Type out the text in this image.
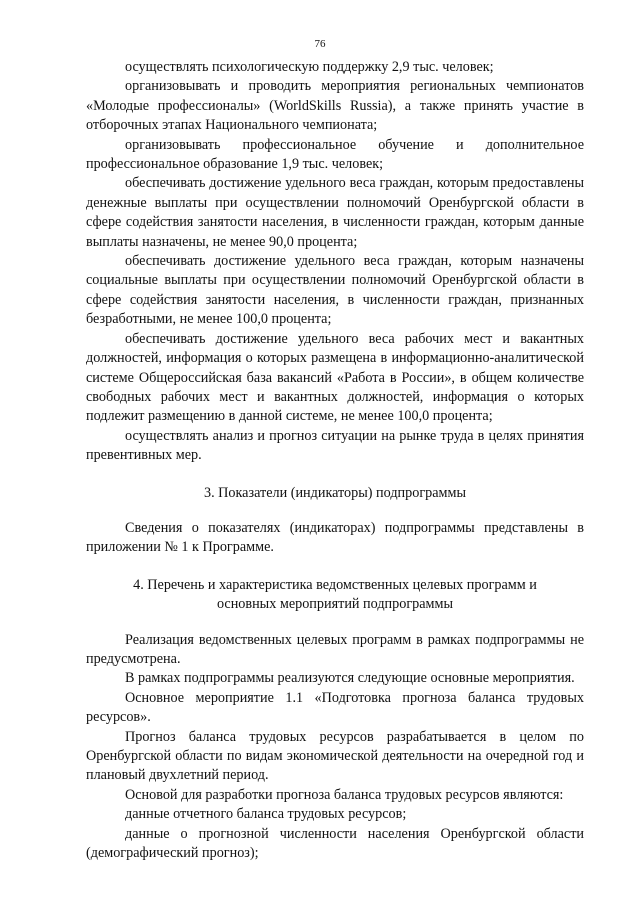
76

осуществлять психологическую поддержку 2,9 тыс. человек;

организовывать и проводить мероприятия региональных чемпионатов «Молодые профессионалы» (WorldSkills Russia), а также принять участие в отборочных этапах Национального чемпионата;

организовывать профессиональное обучение и дополнительное профессиональное образование 1,9 тыс. человек;

обеспечивать достижение удельного веса граждан, которым предоставлены денежные выплаты при осуществлении полномочий Оренбургской области в сфере содействия занятости населения, в численности граждан, которым данные выплаты назначены, не менее 90,0 процента;

обеспечивать достижение удельного веса граждан, которым назначены социальные выплаты при осуществлении полномочий Оренбургской области в сфере содействия занятости населения, в численности граждан, признанных безработными, не менее 100,0 процента;

обеспечивать достижение удельного веса рабочих мест и вакантных должностей, информация о которых размещена в информационно-аналитической системе Общероссийская база вакансий «Работа в России», в общем количестве свободных рабочих мест и вакантных должностей, информация о которых подлежит размещению в данной системе, не менее 100,0 процента;

осуществлять анализ и прогноз ситуации на рынке труда в целях принятия превентивных мер.

3. Показатели (индикаторы) подпрограммы

Сведения о показателях (индикаторах) подпрограммы представлены в приложении № 1 к Программе.

4. Перечень и характеристика ведомственных целевых программ и основных мероприятий подпрограммы

Реализация ведомственных целевых программ в рамках подпрограммы не предусмотрена.

В рамках подпрограммы реализуются следующие основные мероприятия.

Основное мероприятие 1.1 «Подготовка прогноза баланса трудовых ресурсов».

Прогноз баланса трудовых ресурсов разрабатывается в целом по Оренбургской области по видам экономической деятельности на очередной год и плановый двухлетний период.

Основой для разработки прогноза баланса трудовых ресурсов являются:

данные отчетного баланса трудовых ресурсов;

данные о прогнозной численности населения Оренбургской области (демографический прогноз);
